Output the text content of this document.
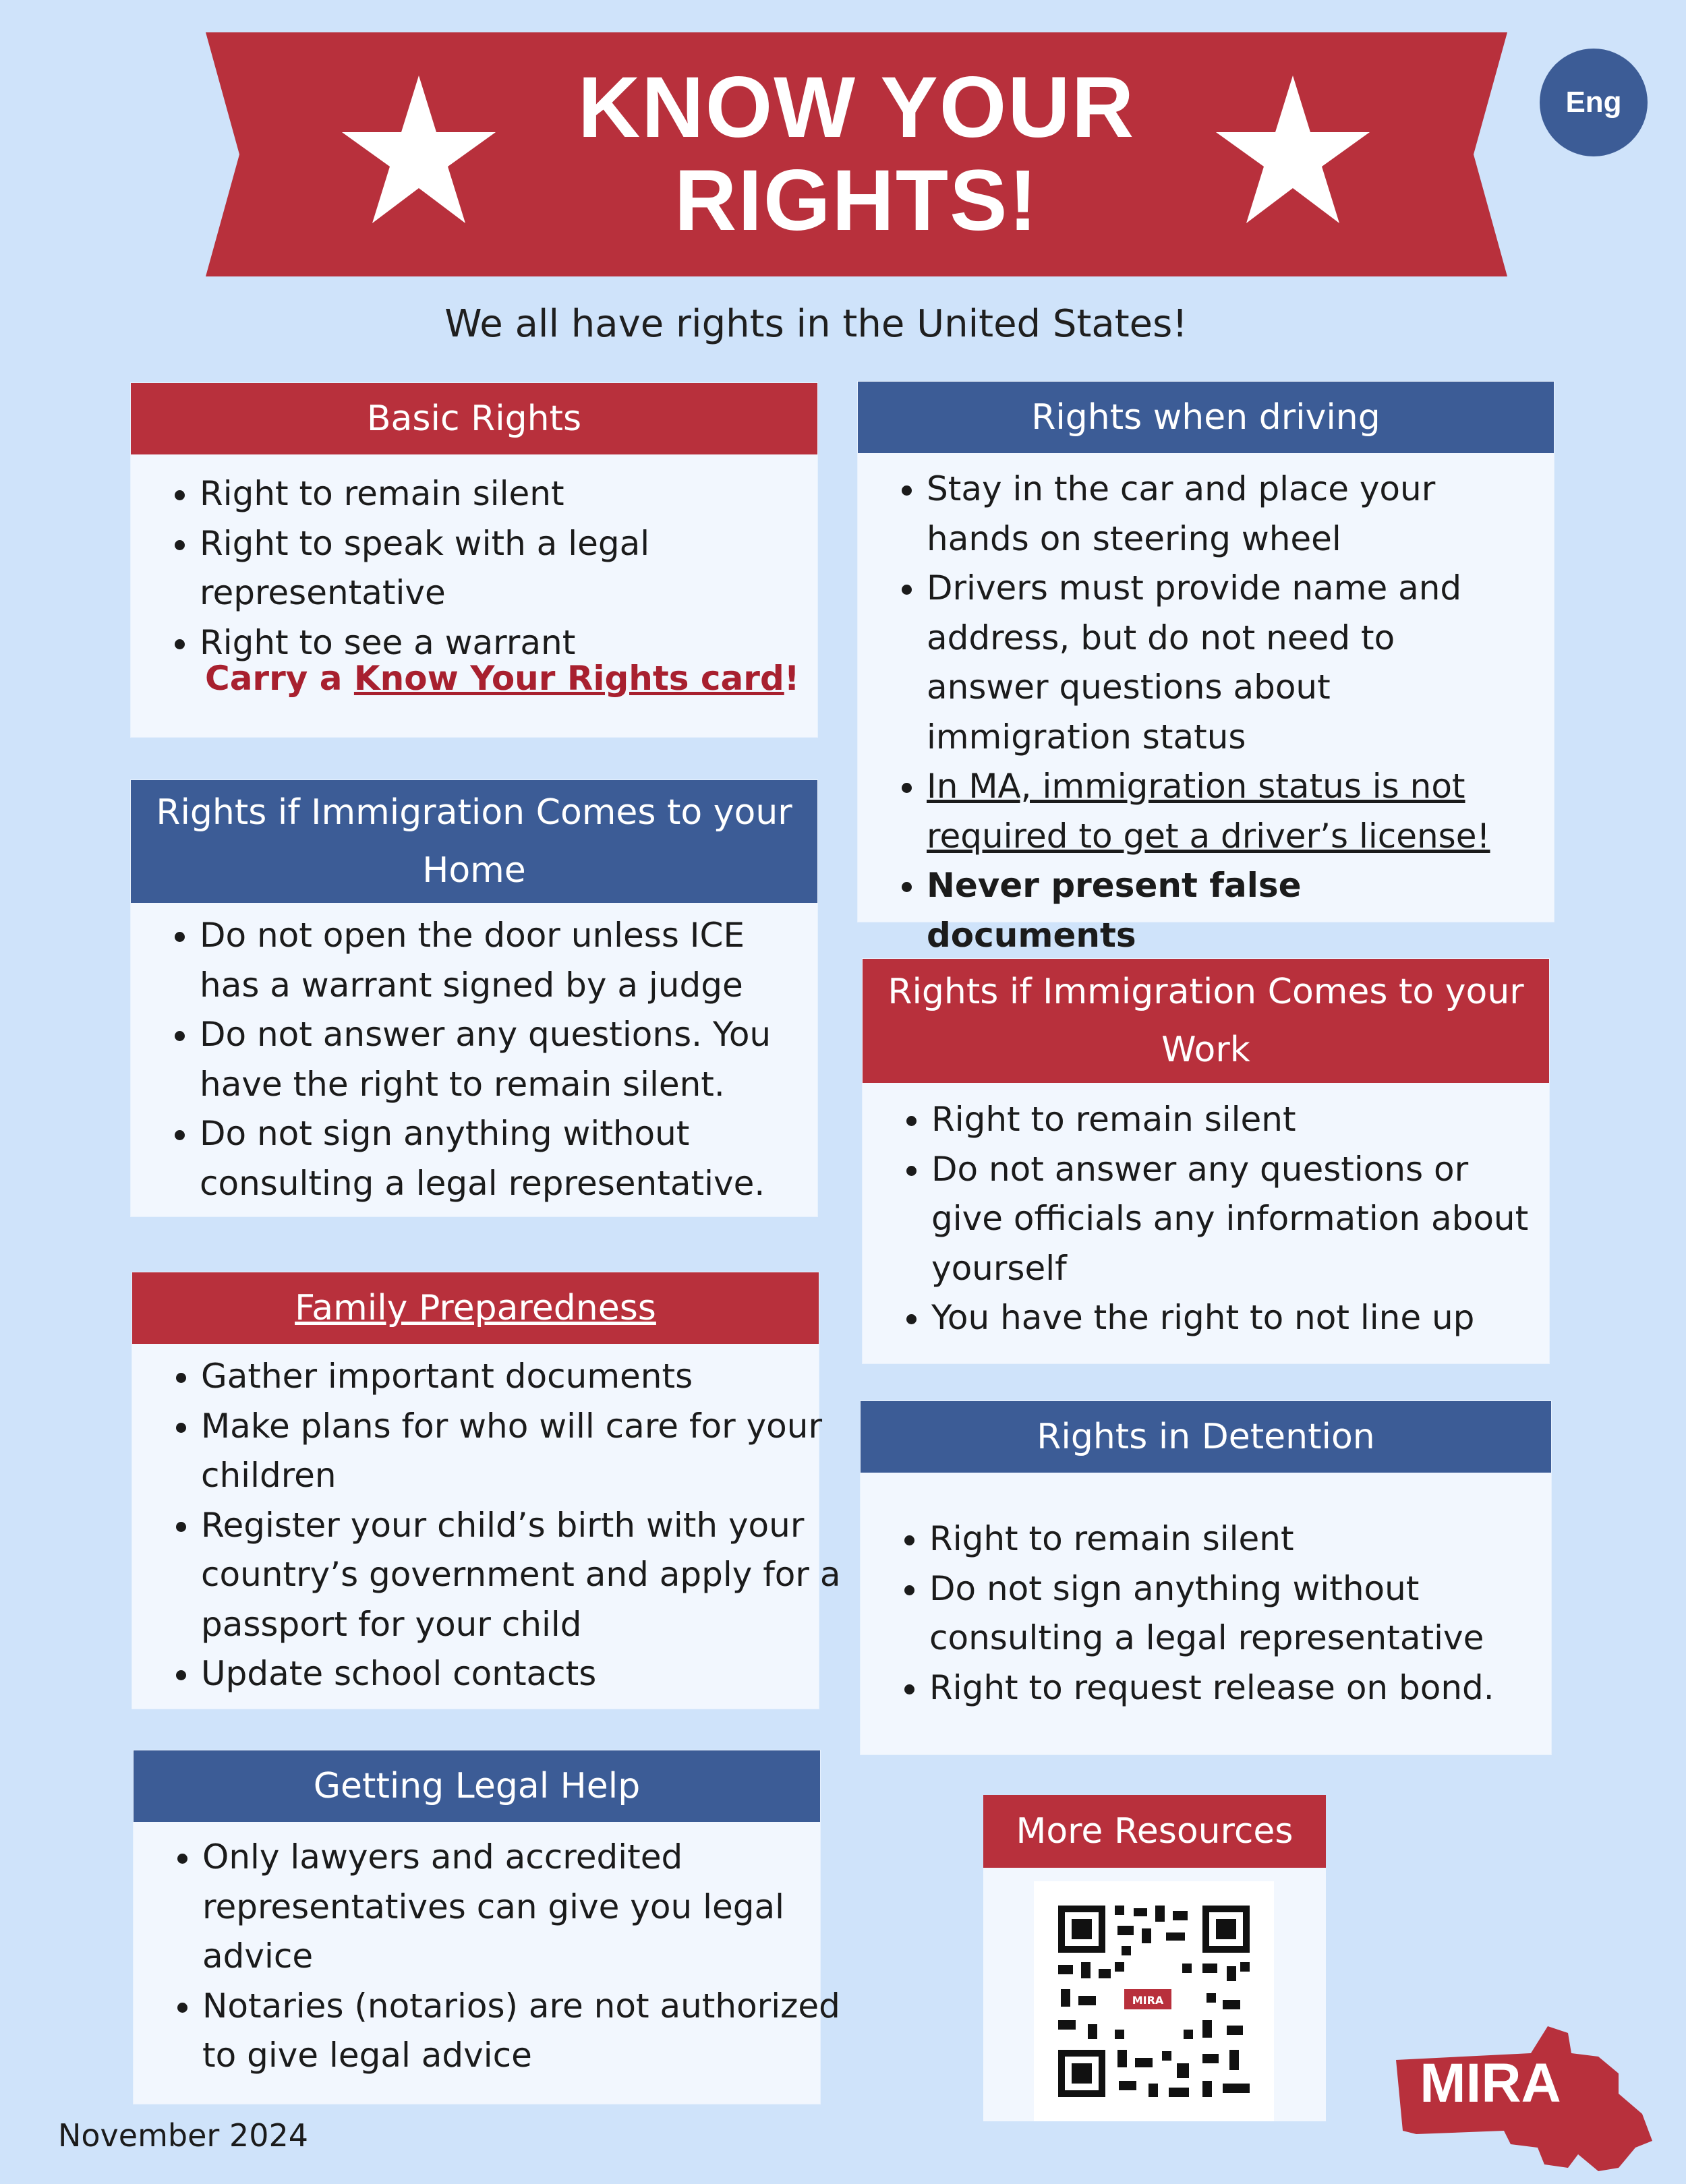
KNOW YOUR
RIGHTS!
Eng
We all have rights in the United States!
Basic Rights
• Right to remain silent
• Right to speak with a legal representative
• Right to see a warrant
Carry a Know Your Rights card!
Rights if Immigration Comes to your
Home
• Do not open the door unless ICE has a warrant signed by a judge
• Do not answer any questions. You have the right to remain silent.
• Do not sign anything without consulting a legal representative.
Family Preparedness
• Gather important documents
• Make plans for who will care for your children
• Register your child’s birth with your country’s government and apply for a passport for your child
• Update school contacts
Getting Legal Help
• Only lawyers and accredited representatives can give you legal advice
• Notaries (notarios) are not authorized to give legal advice
Rights when driving
• Stay in the car and place your hands on steering wheel
• Drivers must provide name and address, but do not need to answer questions about immigration status
• In MA, immigration status is not required to get a driver’s license!
• Never present false documents
Rights if Immigration Comes to your
Work
• Right to remain silent
• Do not answer any questions or give officials any information about yourself
• You have the right to not line up
Rights in Detention
• Right to remain silent
• Do not sign anything without consulting a legal representative
• Right to request release on bond.
More Resources
MIRA
MIRA
November 2024
